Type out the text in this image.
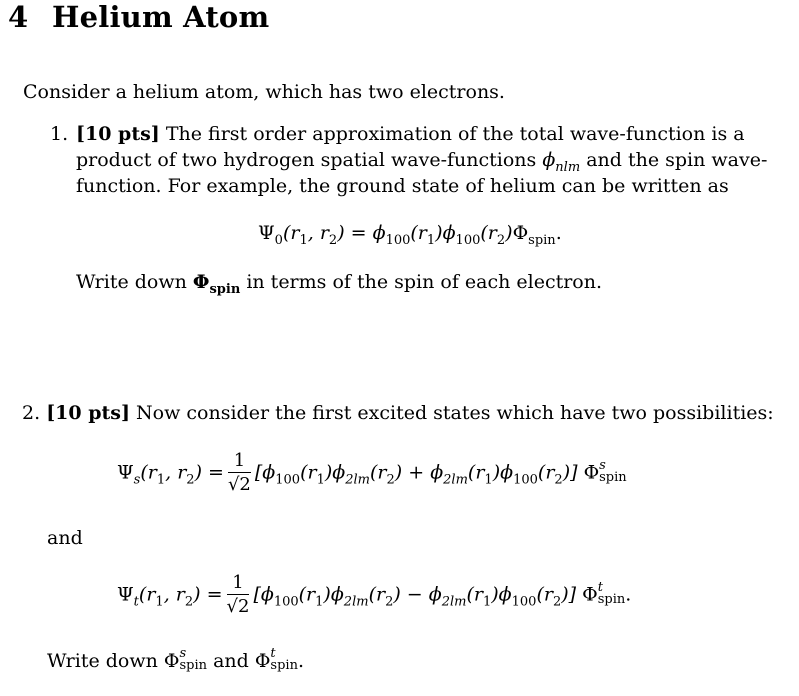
4 Helium Atom
Consider a helium atom, which has two electrons.
1. [10 pts] The first order approximation of the total wave-function is a
product of two hydrogen spatial wave-functions $\phi_{nlm}$ and the spin wave-
function. For example, the ground state of helium can be written as
$\Psi_0(r_1$, $r_2) = \phi_{100}(r_1)\phi_{100}(r_2)\Phi_{spin}$.
Write down $\Phi_{spin}$ in terms of the spin of each electron.
2. [10 pts] Now consider the first excited states which have two possibilities:
$\Psi_s(r_1$, $r_2) = \frac{1}{√2} [\phi_{100}(r_1)\phi_{2lm}(r_2) + \phi_{2lm}(r_1)\phi_{100}(r_2)]$ Φ s
spin
and
$\Psi_t(r_1$, $r_2) = \frac{1}{√2} [\phi_{100}(r_1)\phi_{2lm}(r_2) - \phi_{2lm}(r_1)\phi_{100}(r_2)]$ Φ t
spin .
Write down Φ s
spin and Φ t
spin .
